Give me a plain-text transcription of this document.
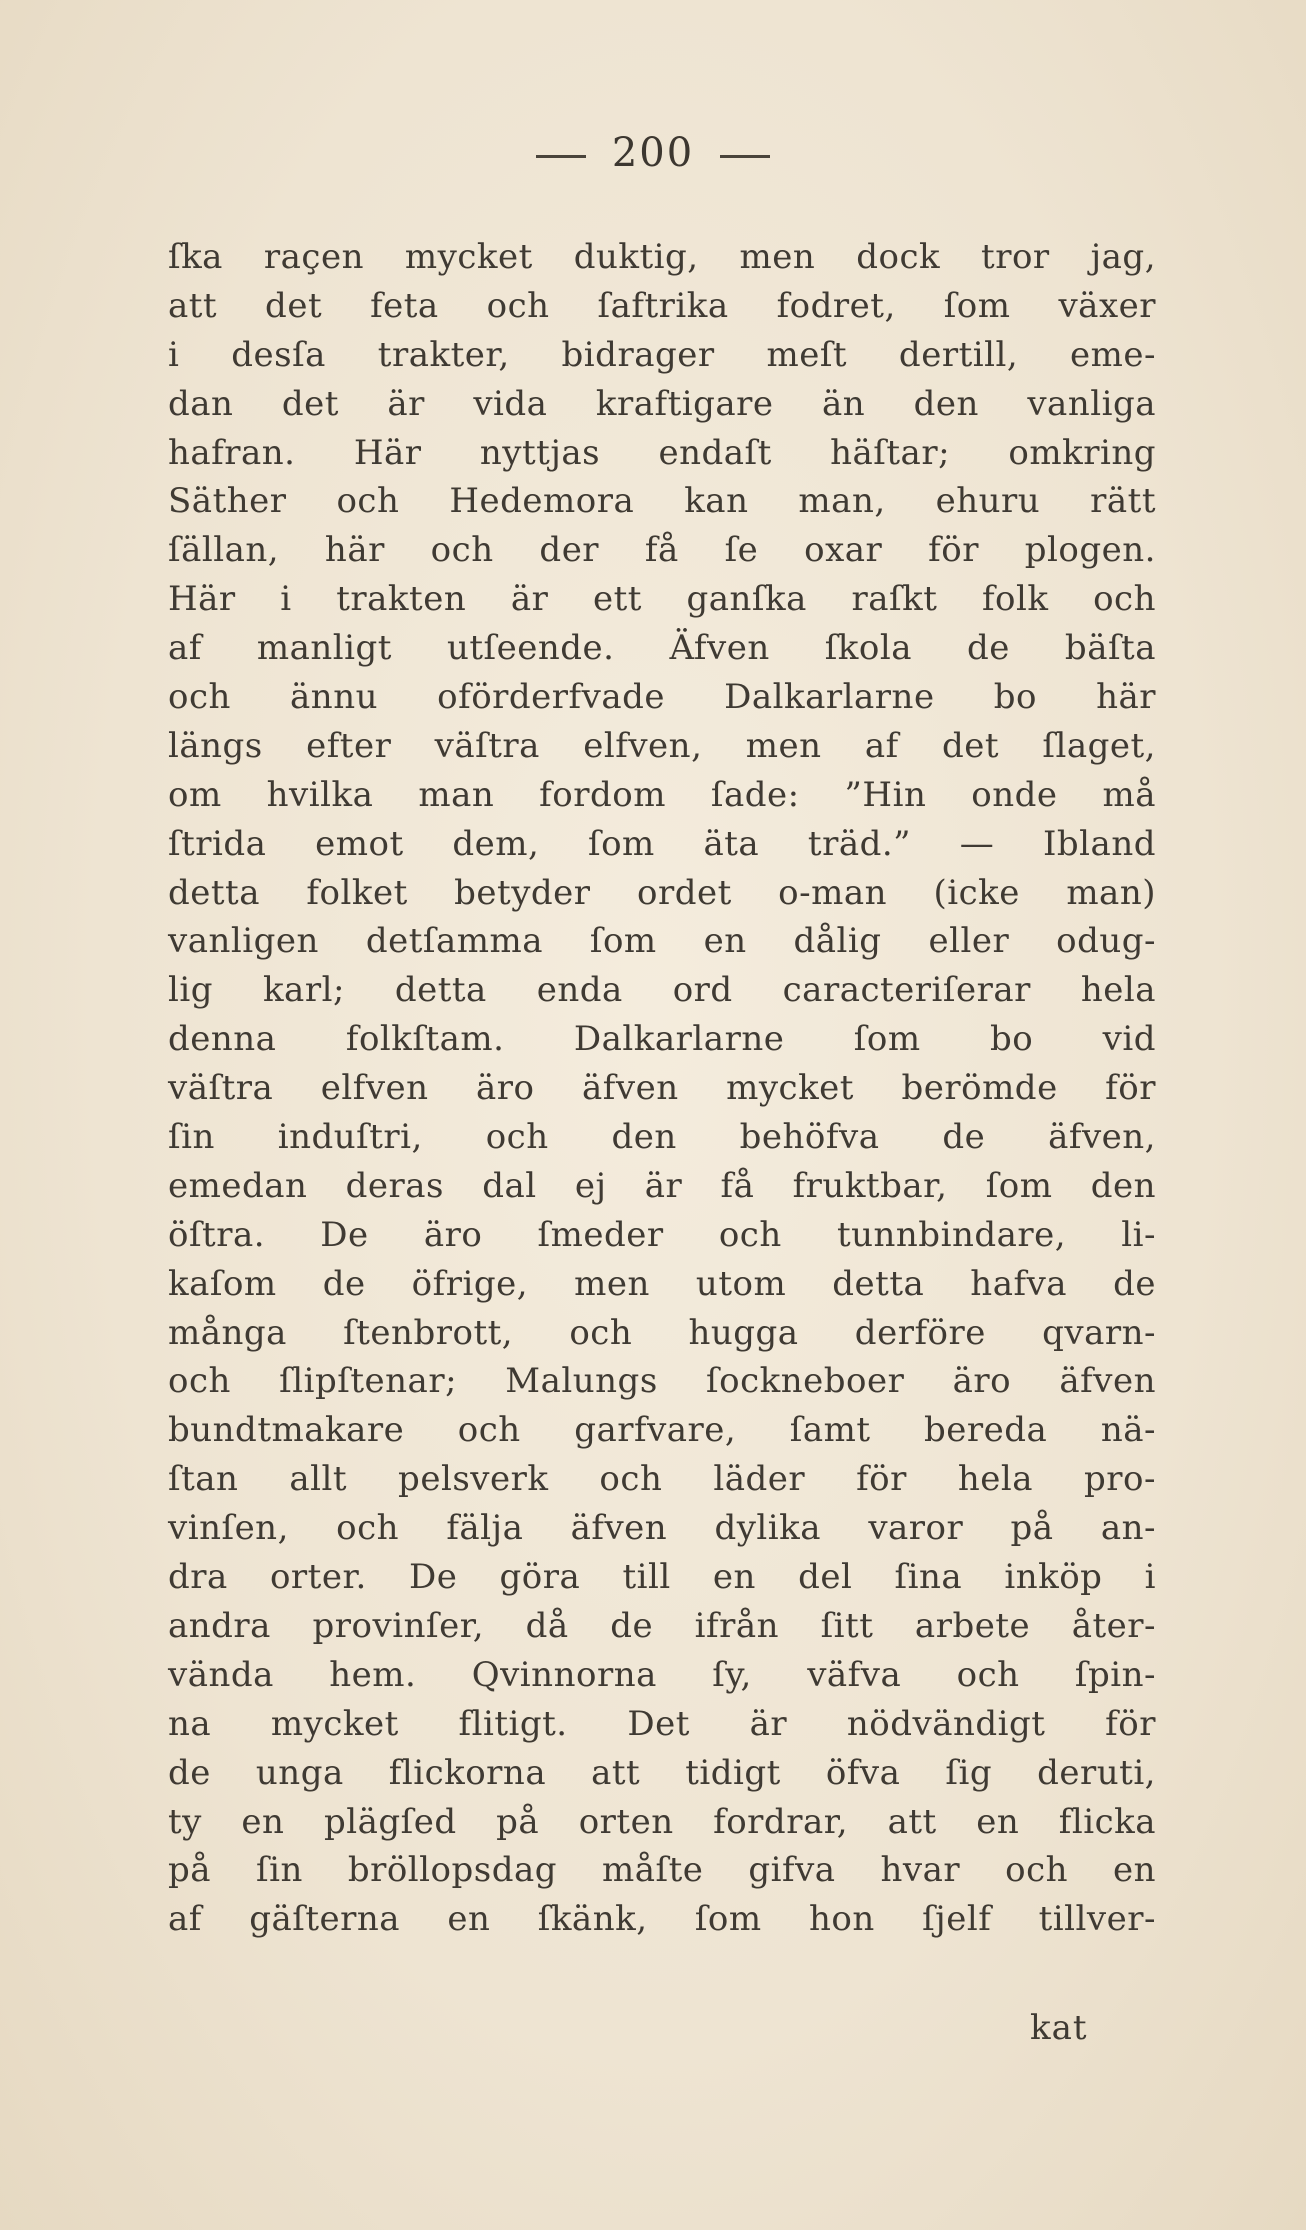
200
ſka raçen mycket duktig, men dock tror jag,
att det feta och ſaftrika fodret, ſom växer
i desſa trakter, bidrager meſt dertill, eme-
dan det är vida kraftigare än den vanliga
hafran. Här nyttjas endaſt häſtar; omkring
Säther och Hedemora kan man, ehuru rätt
ſällan, här och der få ſe oxar för plogen.
Här i trakten är ett ganſka raſkt folk och
af manligt utſeende. Äfven ſkola de bäſta
och ännu oförderfvade Dalkarlarne bo här
längs efter väſtra elfven, men af det ſlaget,
om hvilka man fordom ſade: ”Hin onde må
ſtrida emot dem, ſom äta träd.” — Ibland
detta folket betyder ordet o-man (icke man)
vanligen detſamma ſom en dålig eller odug-
lig karl; detta enda ord caracteriſerar hela
denna folkſtam. Dalkarlarne ſom bo vid
väſtra elfven äro äfven mycket berömde för
ſin induſtri, och den behöfva de äfven,
emedan deras dal ej är få fruktbar, ſom den
öſtra. De äro ſmeder och tunnbindare, li-
kaſom de öfrige, men utom detta hafva de
många ſtenbrott, och hugga derföre qvarn-
och ſlipſtenar; Malungs ſockneboer äro äfven
bundtmakare och garfvare, ſamt bereda nä-
ſtan allt pelsverk och läder för hela pro-
vinſen, och fälja äfven dylika varor på an-
dra orter. De göra till en del ſina inköp i
andra provinſer, då de ifrån ſitt arbete åter-
vända hem. Qvinnorna ſy, väfva och ſpin-
na mycket flitigt. Det är nödvändigt för
de unga flickorna att tidigt öfva ſig deruti,
ty en plägſed på orten fordrar, att en flicka
på ſin bröllopsdag måſte gifva hvar och en
af gäſterna en ſkänk, ſom hon ſjelf tillver-
kat
